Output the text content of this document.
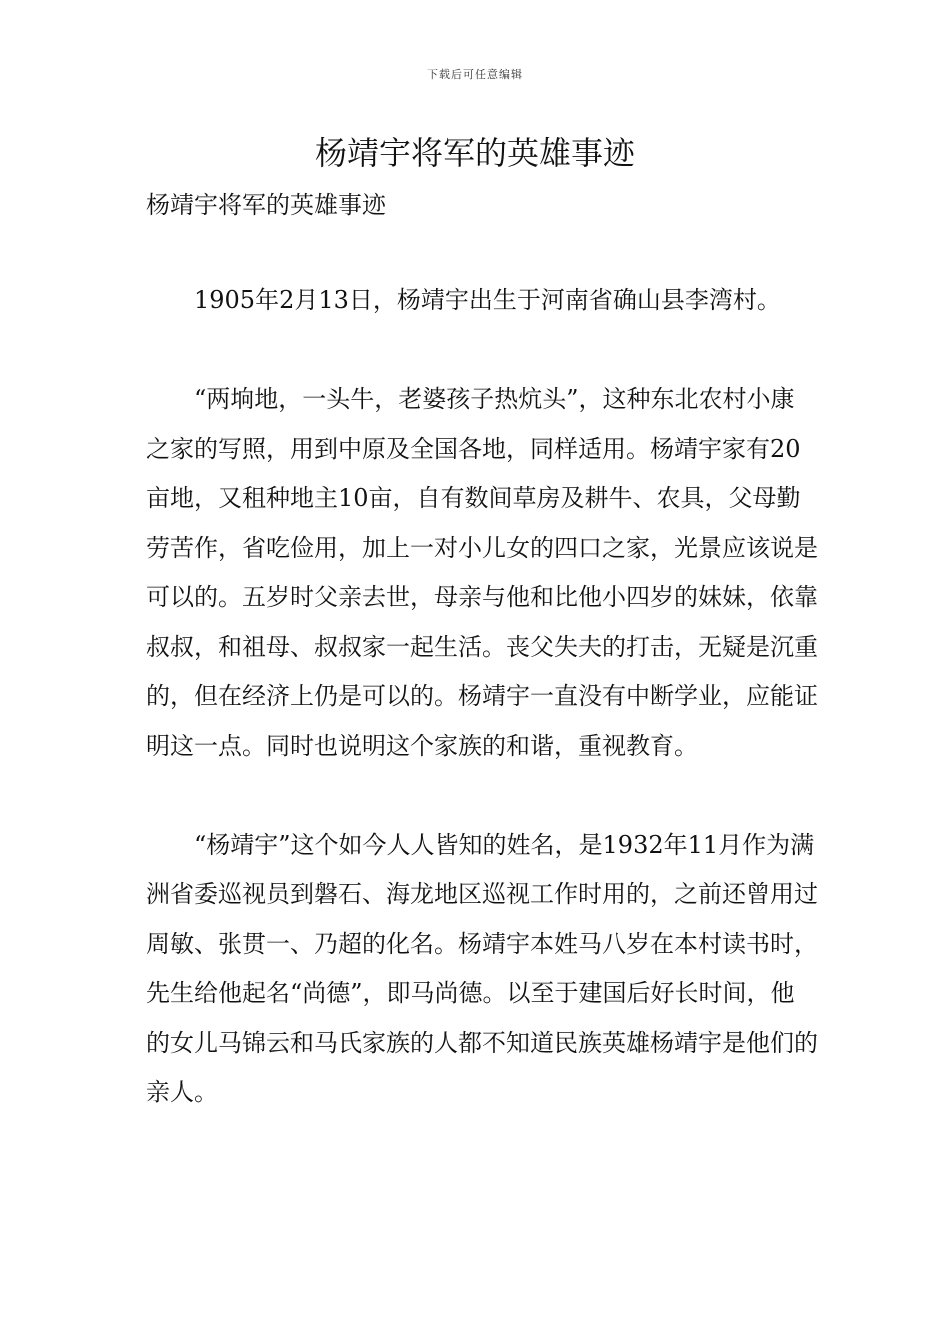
下载后可任意编辑
杨靖宇将军的英雄事迹
杨靖宇将军的英雄事迹

1905年2月13日，杨靖宇出生于河南省确山县李湾村。

“两垧地，一头牛，老婆孩子热炕头”，这种东北农村小康之家的写照，用到中原及全国各地，同样适用。杨靖宇家有20亩地，又租种地主10亩，自有数间草房及耕牛、农具，父母勤劳苦作，省吃俭用，加上一对小儿女的四口之家，光景应该说是可以的。五岁时父亲去世，母亲与他和比他小四岁的妹妹，依靠叔叔，和祖母、叔叔家一起生活。丧父失夫的打击，无疑是沉重的，但在经济上仍是可以的。杨靖宇一直没有中断学业，应能证明这一点。同时也说明这个家族的和谐，重视教育。

“杨靖宇”这个如今人人皆知的姓名，是1932年11月作为满洲省委巡视员到磐石、海龙地区巡视工作时用的，之前还曾用过周敏、张贯一、乃超的化名。杨靖宇本姓马八岁在本村读书时，先生给他起名“尚德”，即马尚德。以至于建国后好长时间，他的女儿马锦云和马氏家族的人都不知道民族英雄杨靖宇是他们的亲人。
